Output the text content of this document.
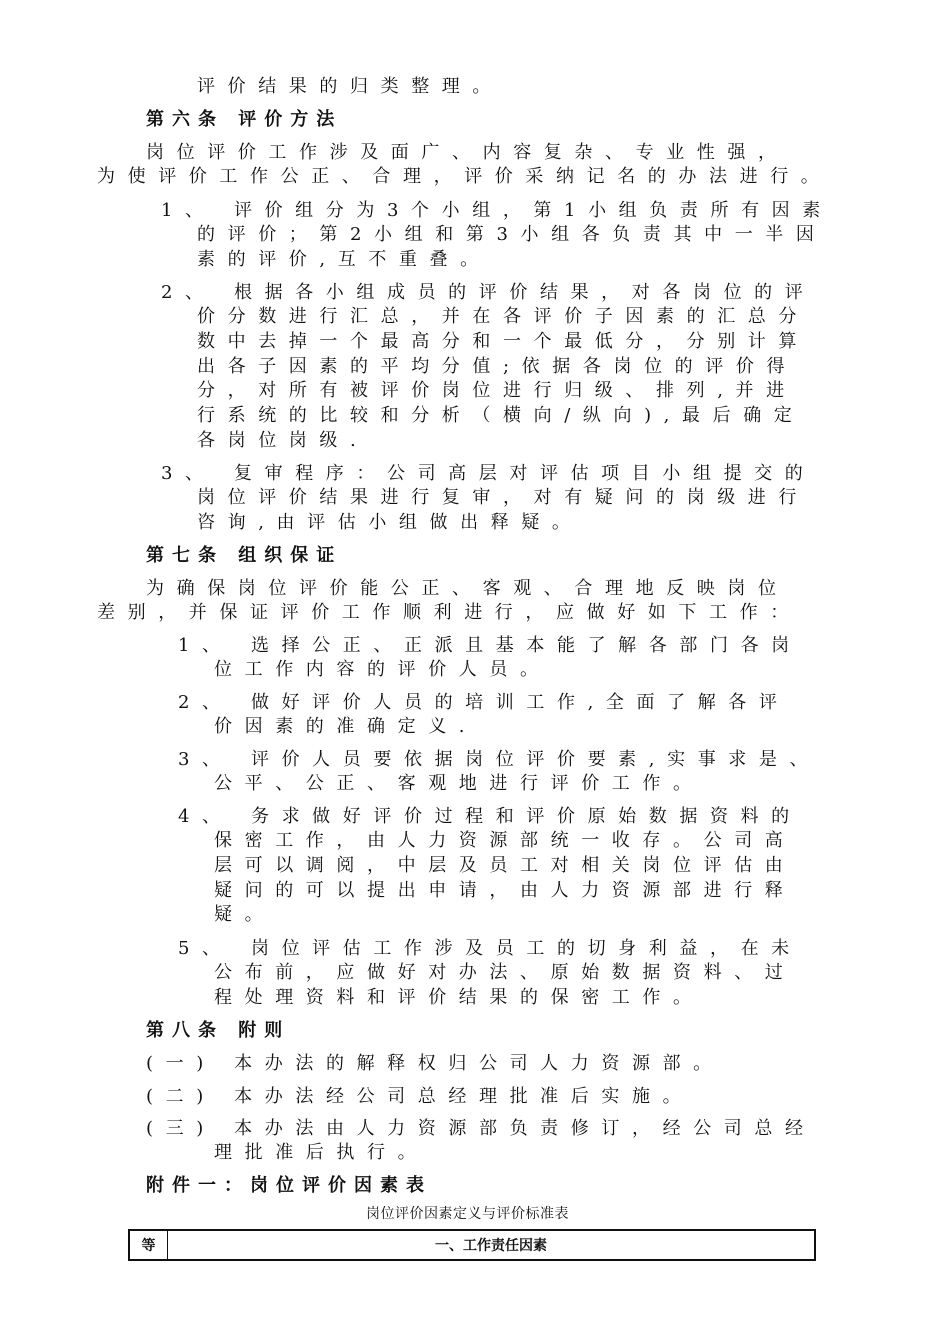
评价结果的归类整理。
第六条 评价方法
岗位评价工作涉及面广、内容复杂、专业性强，
为使评价工作公正、合理，评价采纳记名的办法进行。
1、 评价组分为3个小组，第1小组负责所有因素
的评价；第2小组和第3小组各负责其中一半因
素的评价,互不重叠。
2、 根据各小组成员的评价结果，对各岗位的评
价分数进行汇总，并在各评价子因素的汇总分
数中去掉一个最高分和一个最低分，分别计算
出各子因素的平均分值;依据各岗位的评价得
分，对所有被评价岗位进行归级、排列,并进
行系统的比较和分析（横向/纵向),最后确定
各岗位岗级.
3、 复审程序：公司高层对评估项目小组提交的
岗位评价结果进行复审，对有疑问的岗级进行
咨询,由评估小组做出释疑。
第七条 组织保证
为确保岗位评价能公正、客观、合理地反映岗位
差别，并保证评价工作顺利进行，应做好如下工作：
1、 选择公正、正派且基本能了解各部门各岗
位工作内容的评价人员。
2、 做好评价人员的培训工作,全面了解各评
价因素的准确定义.
3、 评价人员要依据岗位评价要素,实事求是、
公平、公正、客观地进行评价工作。
4、 务求做好评价过程和评价原始数据资料的
保密工作，由人力资源部统一收存。公司高
层可以调阅，中层及员工对相关岗位评估由
疑问的可以提出申请，由人力资源部进行释
疑。
5、 岗位评估工作涉及员工的切身利益，在未
公布前，应做好对办法、原始数据资料、过
程处理资料和评价结果的保密工作。
第八条 附则
(一) 本办法的解释权归公司人力资源部。
(二) 本办法经公司总经理批准后实施。
(三) 本办法由人力资源部负责修订，经公司总经
理批准后执行。
附件一：岗位评价因素表
岗位评价因素定义与评价标准表
等	一、工作责任因素
